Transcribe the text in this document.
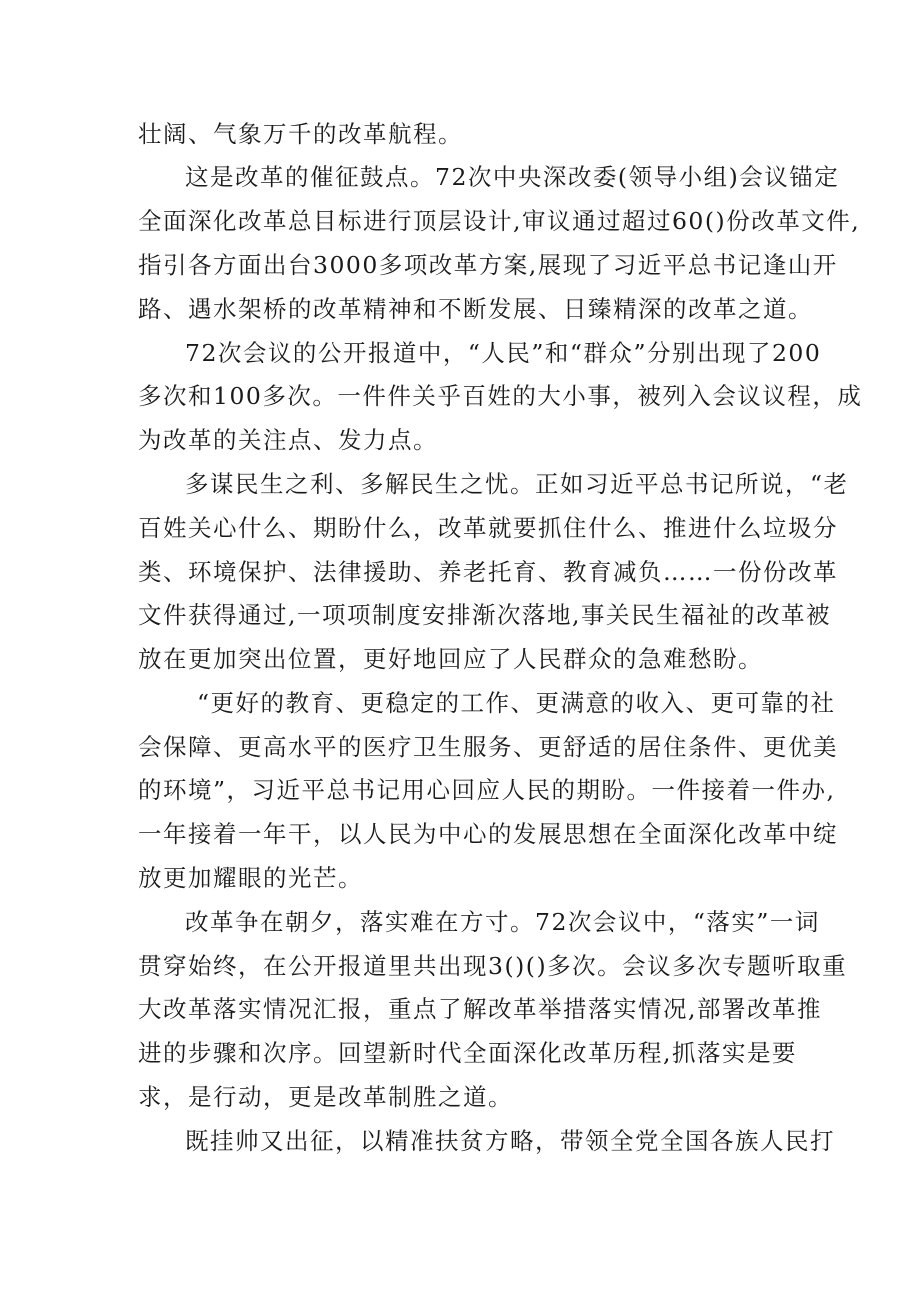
壮阔、气象万千的改革航程。
这是改革的催征鼓点。72次中央深改委(领导小组)会议锚定
全面深化改革总目标进行顶层设计,审议通过超过60()份改革文件,
指引各方面出台3000多项改革方案,展现了习近平总书记逢山开
路、遇水架桥的改革精神和不断发展、日臻精深的改革之道。
72次会议的公开报道中，“人民”和“群众”分别出现了200
多次和100多次。一件件关乎百姓的大小事，被列入会议议程，成
为改革的关注点、发力点。
多谋民生之利、多解民生之忧。正如习近平总书记所说，“老
百姓关心什么、期盼什么，改革就要抓住什么、推进什么垃圾分
类、环境保护、法律援助、养老托育、教育减负……一份份改革
文件获得通过,一项项制度安排渐次落地,事关民生福祉的改革被
放在更加突出位置，更好地回应了人民群众的急难愁盼。
“更好的教育、更稳定的工作、更满意的收入、更可靠的社
会保障、更高水平的医疗卫生服务、更舒适的居住条件、更优美
的环境”，习近平总书记用心回应人民的期盼。一件接着一件办,
一年接着一年干，以人民为中心的发展思想在全面深化改革中绽
放更加耀眼的光芒。
改革争在朝夕，落实难在方寸。72次会议中，“落实”一词
贯穿始终，在公开报道里共出现3()()多次。会议多次专题听取重
大改革落实情况汇报，重点了解改革举措落实情况,部署改革推
进的步骤和次序。回望新时代全面深化改革历程,抓落实是要
求，是行动，更是改革制胜之道。
既挂帅又出征，以精准扶贫方略，带领全党全国各族人民打
